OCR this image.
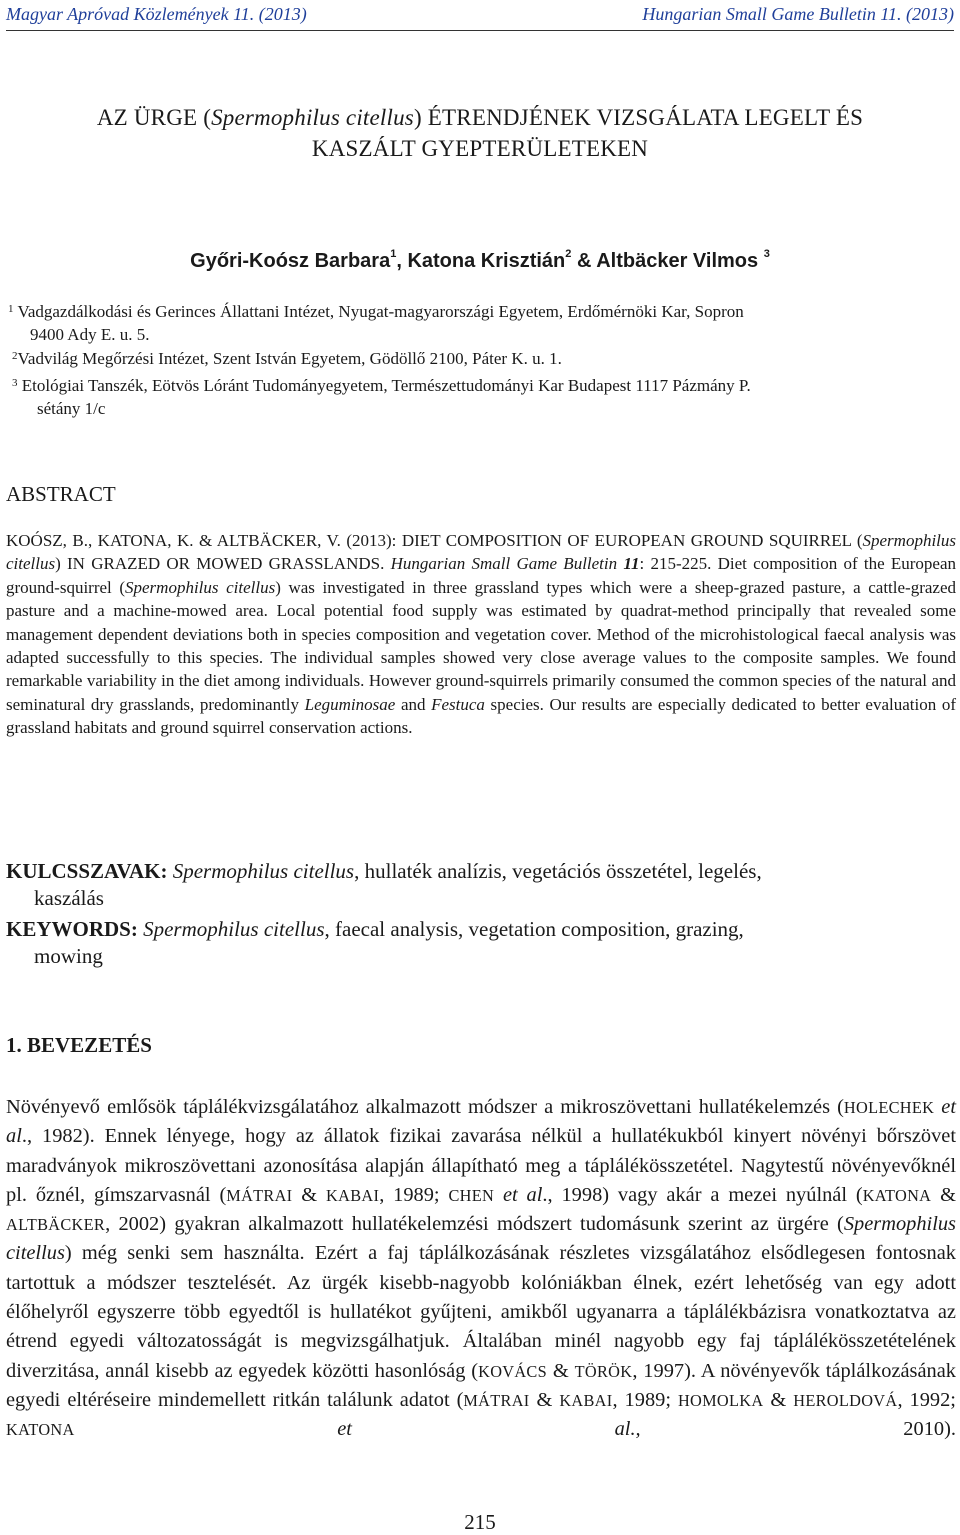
Magyar Apróvad Közlemények 11. (2013)	Hungarian Small Game Bulletin 11. (2013)
AZ ÜRGE (Spermophilus citellus) ÉTRENDJÉNEK VIZSGÁLATA LEGELT ÉS
KASZÁLT GYEPTERÜLETEKEN
Győri-Koósz Barbara$^1$, Katona Krisztián$^2$ & Altbäcker Vilmos $^3$
$^1$ Vadgazdálkodási és Gerinces Állattani Intézet, Nyugat-magyarországi Egyetem, Erdőmérnöki Kar, Sopron
9400 Ady E. u. 5.
$^2$Vadvilág Megőrzési Intézet, Szent István Egyetem, Gödöllő 2100, Páter K. u. 1.
$^3$ Etológiai Tanszék, Eötvös Lóránt Tudományegyetem, Természettudományi Kar Budapest 1117 Pázmány P.
sétány 1/c
ABSTRACT
KOÓSZ, B., KATONA, K. & ALTBÄCKER, V. (2013): DIET COMPOSITION OF EUROPEAN GROUND SQUIRREL (Spermophilus citellus) IN GRAZED OR MOWED GRASSLANDS. Hungarian Small Game Bulletin 11: 215-225. Diet composition of the European ground-squirrel (Spermophilus citellus) was investigated in three grassland types which were a sheep-grazed pasture, a cattle-grazed pasture and a machine-mowed area. Local potential food supply was estimated by quadrat-method principally that revealed some management dependent deviations both in species composition and vegetation cover. Method of the microhistological faecal analysis was adapted successfully to this species. The individual samples showed very close average values to the composite samples. We found remarkable variability in the diet among individuals. However ground-squirrels primarily consumed the common species of the natural and seminatural dry grasslands, predominantly Leguminosae and Festuca species. Our results are especially dedicated to better evaluation of grassland habitats and ground squirrel conservation actions.
KULCSSZAVAK: Spermophilus citellus, hullaték analízis, vegetációs összetétel, legelés,
kaszálás
KEYWORDS: Spermophilus citellus, faecal analysis, vegetation composition, grazing,
mowing
1. BEVEZETÉS
Növényevő emlősök táplálékvizsgálatához alkalmazott módszer a mikroszövettani hullatékelemzés (HOLECHEK et al., 1982). Ennek lényege, hogy az állatok fizikai zavarása nélkül a hullatékukból kinyert növényi bőrszövet maradványok mikroszövettani azonosítása alapján állapítható meg a táplálékösszetétel. Nagytestű növényevőknél pl. őznél, gímszarvasnál (MÁTRAI & KABAI, 1989; CHEN et al., 1998) vagy akár a mezei nyúlnál (KATONA & ALTBÄCKER, 2002) gyakran alkalmazott hullatékelemzési módszert tudomásunk szerint az ürgére (Spermophilus citellus) még senki sem használta. Ezért a faj táplálkozásának részletes vizsgálatához elsődlegesen fontosnak tartottuk a módszer tesztelését. Az ürgék kisebb-nagyobb kolóniákban élnek, ezért lehetőség van egy adott élőhelyről egyszerre több egyedtől is hullatékot gyűjteni, amikből ugyanarra a táplálékbázisra vonatkoztatva az étrend egyedi változatosságát is megvizsgálhatjuk. Általában minél nagyobb egy faj táplálékösszetételének diverzitása, annál kisebb az egyedek közötti hasonlóság (KOVÁCS & TÖRÖK, 1997). A növényevők táplálkozásának egyedi eltéréseire mindemellett ritkán találunk adatot (MÁTRAI & KABAI, 1989; HOMOLKA & HEROLDOVÁ, 1992; KATONA	et al., 2010).
215
